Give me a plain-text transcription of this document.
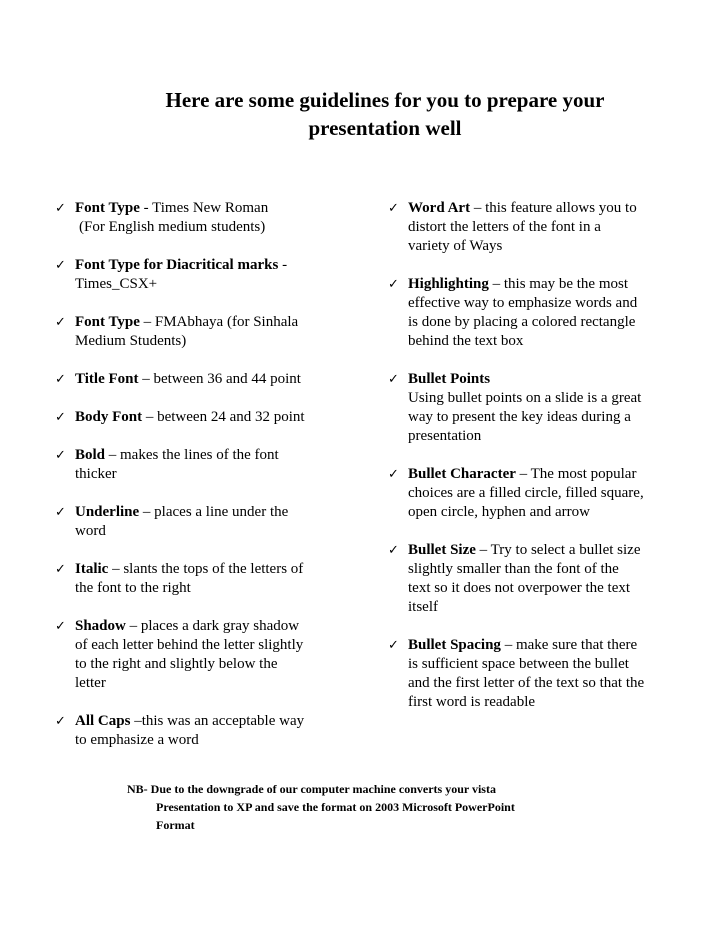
Here are some guidelines for you to prepare your
presentation well
✓ Font Type - Times New Roman
(For English medium students)
✓ Font Type for Diacritical marks -
Times_CSX+
✓ Font Type – FMAbhaya (for Sinhala
Medium Students)
✓ Title Font – between 36 and 44 point
✓ Body Font – between 24 and 32 point
✓ Bold – makes the lines of the font
thicker
✓ Underline – places a line under the
word
✓ Italic – slants the tops of the letters of
the font to the right
✓ Shadow – places a dark gray shadow
of each letter behind the letter slightly
to the right and slightly below the
letter
✓ All Caps –this was an acceptable way
to emphasize a word
✓ Word Art – this feature allows you to
distort the letters of the font in a
variety of Ways
✓ Highlighting – this may be the most
effective way to emphasize words and
is done by placing a colored rectangle
behind the text box
✓ Bullet Points
Using bullet points on a slide is a great
way to present the key ideas during a
presentation
✓ Bullet Character – The most popular
choices are a filled circle, filled square,
open circle, hyphen and arrow
✓ Bullet Size – Try to select a bullet size
slightly smaller than the font of the
text so it does not overpower the text
itself
✓ Bullet Spacing – make sure that there
is sufficient space between the bullet
and the first letter of the text so that the
first word is readable
NB- Due to the downgrade of our computer machine converts your vista
Presentation to XP and save the format on 2003 Microsoft PowerPoint
Format
